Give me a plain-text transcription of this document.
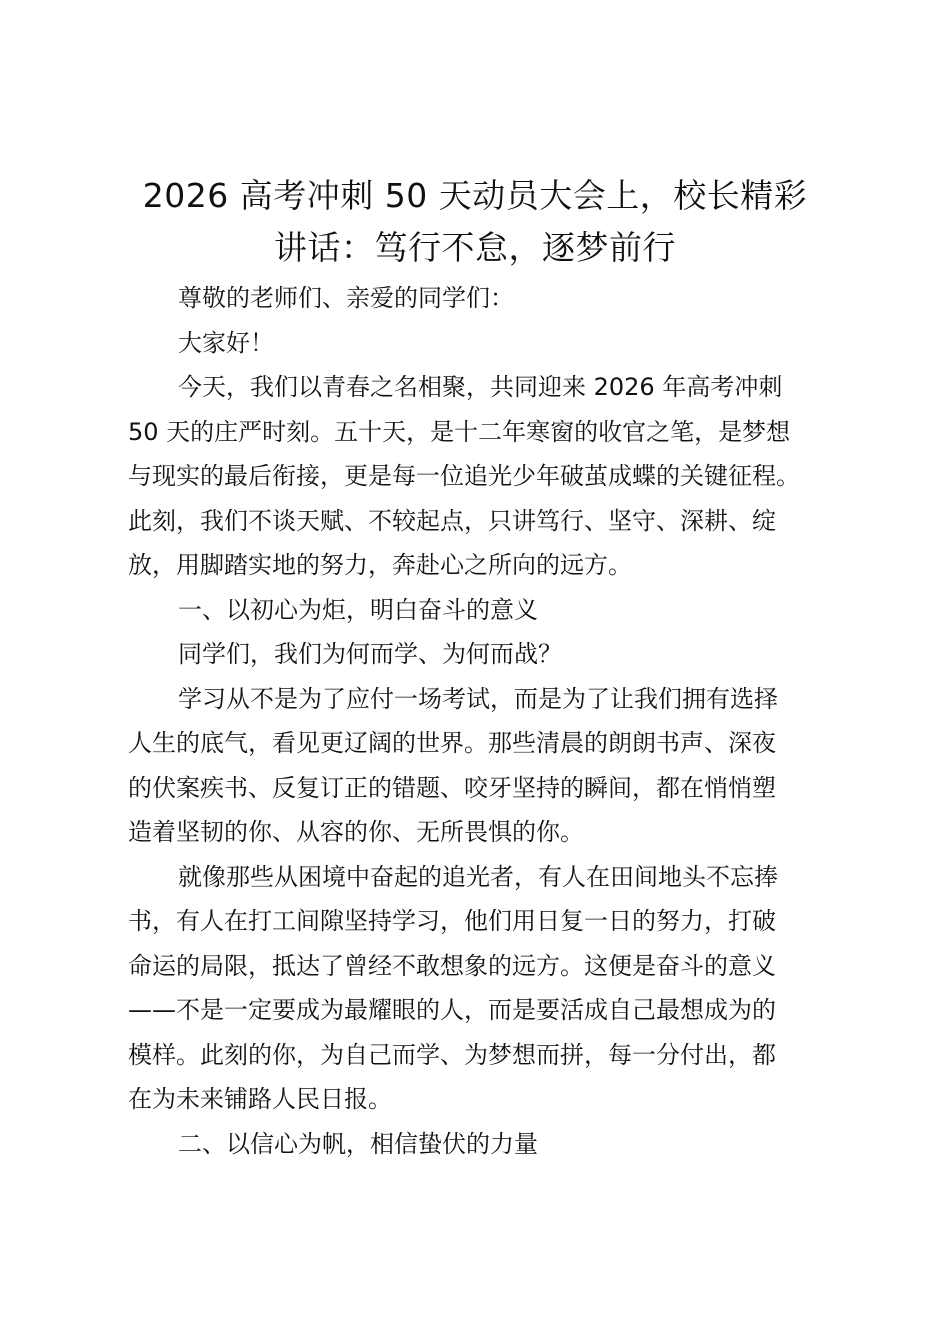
2026 高考冲刺 50 天动员大会上，校长精彩
讲话：笃行不怠，逐梦前行
尊敬的老师们、亲爱的同学们：
大家好！
今天，我们以青春之名相聚，共同迎来 2026 年高考冲刺
50 天的庄严时刻。五十天，是十二年寒窗的收官之笔，是梦想
与现实的最后衔接，更是每一位追光少年破茧成蝶的关键征程。
此刻，我们不谈天赋、不较起点，只讲笃行、坚守、深耕、绽
放，用脚踏实地的努力，奔赴心之所向的远方。
一、以初心为炬，明白奋斗的意义
同学们，我们为何而学、为何而战？
学习从不是为了应付一场考试，而是为了让我们拥有选择
人生的底气，看见更辽阔的世界。那些清晨的朗朗书声、深夜
的伏案疾书、反复订正的错题、咬牙坚持的瞬间，都在悄悄塑
造着坚韧的你、从容的你、无所畏惧的你。
就像那些从困境中奋起的追光者，有人在田间地头不忘捧
书，有人在打工间隙坚持学习，他们用日复一日的努力，打破
命运的局限，抵达了曾经不敢想象的远方。这便是奋斗的意义
——不是一定要成为最耀眼的人，而是要活成自己最想成为的
模样。此刻的你，为自己而学、为梦想而拼，每一分付出，都
在为未来铺路人民日报。
二、以信心为帆，相信蛰伏的力量
